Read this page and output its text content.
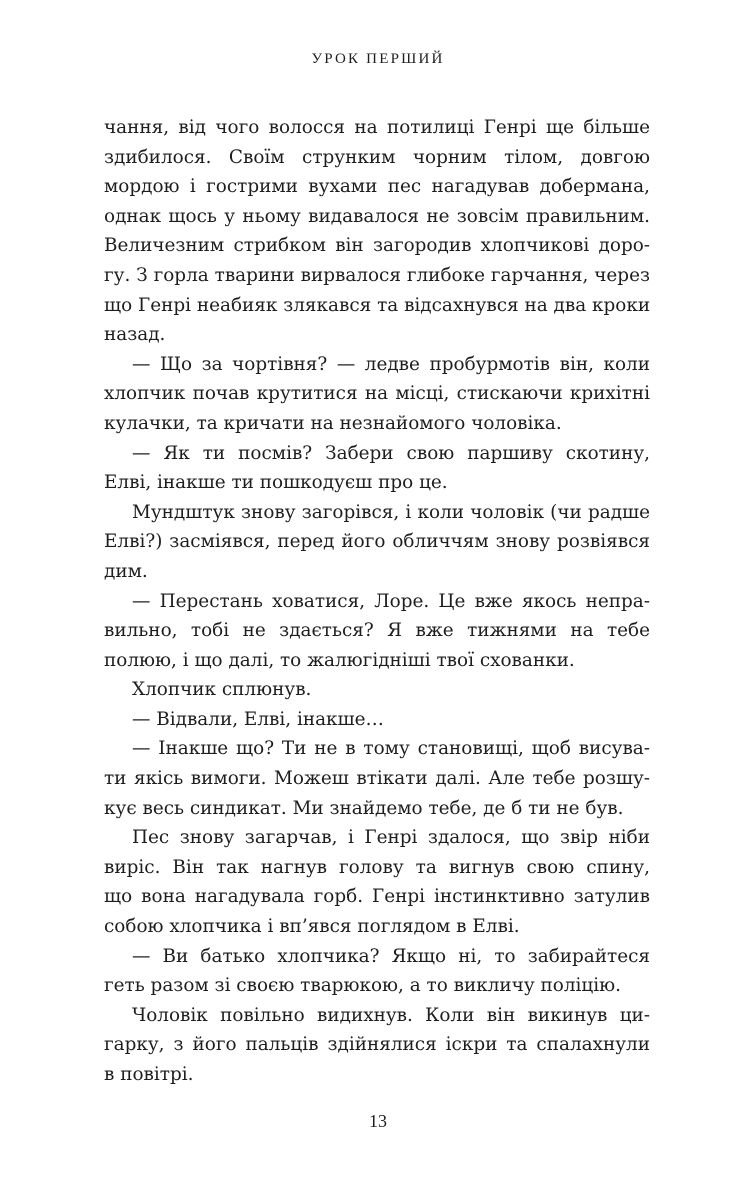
УРОК ПЕРШИЙ
чання, від чого волосся на потилиці Генрі ще більше
здибилося. Своїм струнким чорним тілом, довгою
мордою і гострими вухами пес нагадував добермана,
однак щось у ньому видавалося не зовсім правильним.
Величезним стрибком він загородив хлопчикові доро-
гу. З горла тварини вирвалося глибоке гарчання, через
що Генрі неабияк злякався та відсахнувся на два кроки
назад.
— Що за чортівня? — ледве пробурмотів він, коли
хлопчик почав крутитися на місці, стискаючи крихітні
кулачки, та кричати на незнайомого чоловіка.
— Як ти посмів? Забери свою паршиву скотину,
Елві, інакше ти пошкодуєш про це.
Мундштук знову загорівся, і коли чоловік (чи радше
Елві?) засміявся, перед його обличчям знову розвіявся
дим.
— Перестань ховатися, Лоре. Це вже якось непра-
вильно, тобі не здається? Я вже тижнями на тебе
полюю, і що далі, то жалюгідніші твої схованки.
Хлопчик сплюнув.
— Відвали, Елві, інакше…
— Інакше що? Ти не в тому становищі, щоб висува-
ти якісь вимоги. Можеш втікати далі. Але тебе розшу-
кує весь синдикат. Ми знайдемо тебе, де б ти не був.
Пес знову загарчав, і Генрі здалося, що звір ніби
виріс. Він так нагнув голову та вигнув свою спину,
що вона нагадувала горб. Генрі інстинктивно затулив
собою хлопчика і вп’явся поглядом в Елві.
— Ви батько хлопчика? Якщо ні, то забирайтеся
геть разом зі своєю тварюкою, а то викличу поліцію.
Чоловік повільно видихнув. Коли він викинув ци-
гарку, з його пальців здійнялися іскри та спалахнули
в повітрі.
13
